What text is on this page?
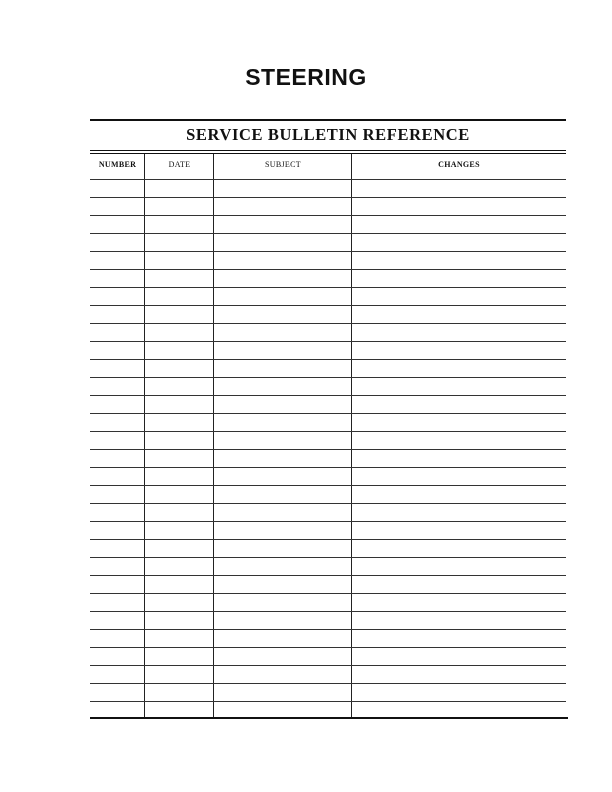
STEERING
SERVICE BULLETIN REFERENCE
NUMBER	DATE	SUBJECT	CHANGES
